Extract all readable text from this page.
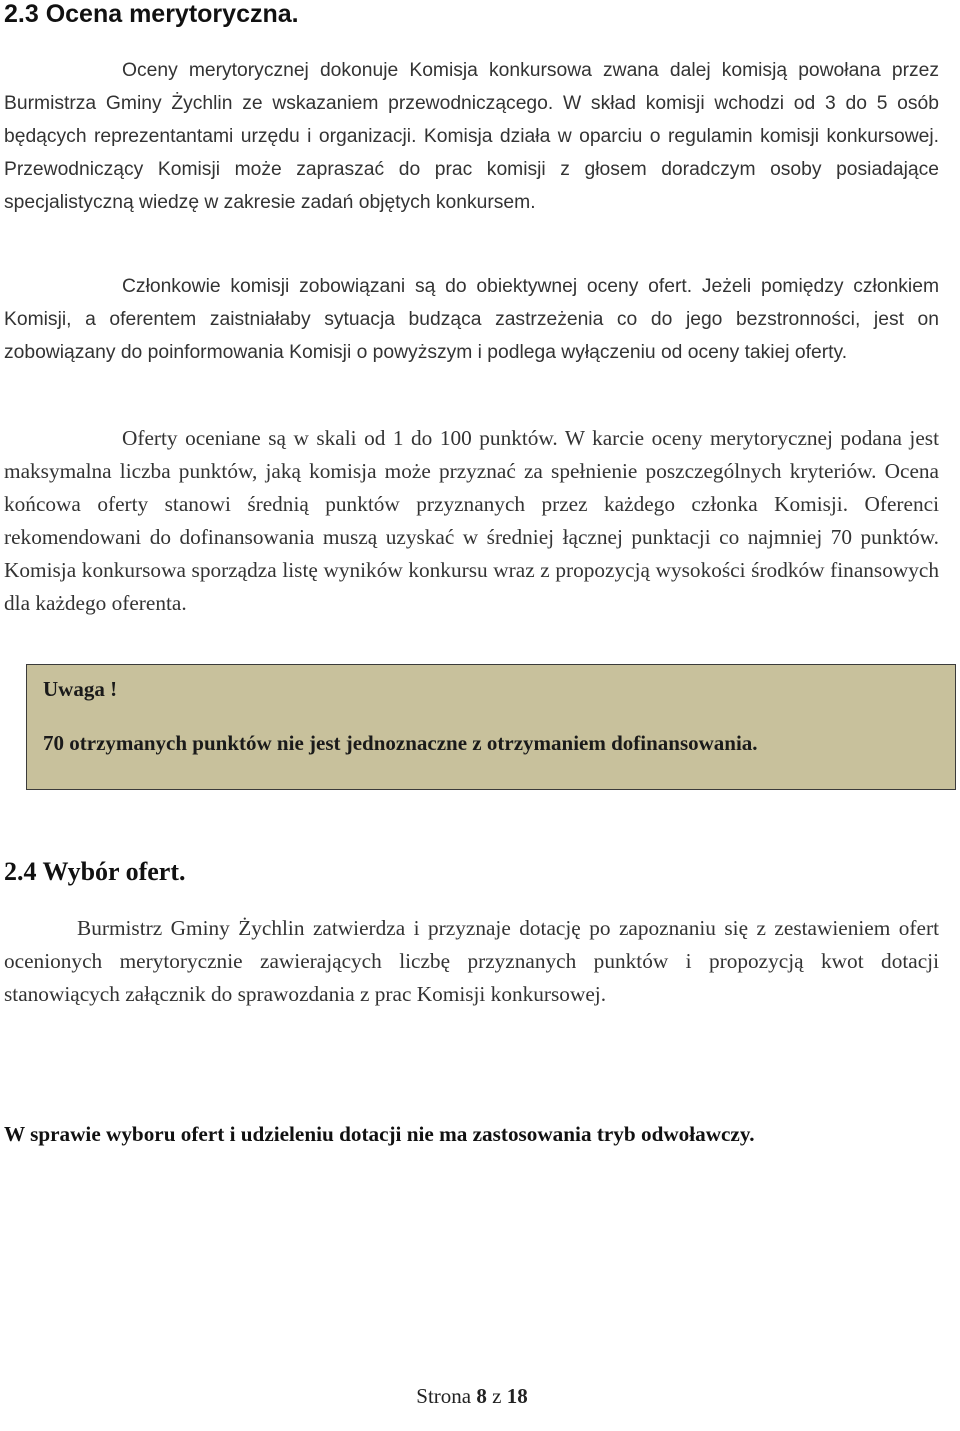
2.3 Ocena merytoryczna.

Oceny merytorycznej dokonuje Komisja konkursowa zwana dalej komisją powołana przez Burmistrza Gminy Żychlin ze wskazaniem przewodniczącego. W skład komisji wchodzi od 3 do 5 osób będących reprezentantami urzędu i organizacji. Komisja działa w oparciu o regulamin komisji konkursowej. Przewodniczący Komisji może zapraszać do prac komisji z głosem doradczym osoby posiadające specjalistyczną wiedzę w zakresie zadań objętych konkursem.

Członkowie komisji zobowiązani są do obiektywnej oceny ofert. Jeżeli pomiędzy członkiem Komisji, a oferentem zaistniałaby sytuacja budząca zastrzeżenia co do jego bezstronności, jest on zobowiązany do poinformowania Komisji o powyższym i podlega wyłączeniu od oceny takiej oferty.

Oferty oceniane są w skali od 1 do 100 punktów. W karcie oceny merytorycznej podana jest maksymalna liczba punktów, jaką komisja może przyznać za spełnienie poszczególnych kryteriów. Ocena końcowa oferty stanowi średnią punktów przyznanych przez każdego członka Komisji. Oferenci rekomendowani do dofinansowania muszą uzyskać w średniej łącznej punktacji co najmniej 70 punktów. Komisja konkursowa sporządza listę wyników konkursu wraz z propozycją wysokości środków finansowych dla każdego oferenta.

Uwaga !

70 otrzymanych punktów nie jest jednoznaczne z otrzymaniem dofinansowania.

2.4 Wybór ofert.

Burmistrz Gminy Żychlin zatwierdza i przyznaje dotację po zapoznaniu się z zestawieniem ofert ocenionych merytorycznie zawierających liczbę przyznanych punktów i propozycją kwot dotacji stanowiących załącznik do sprawozdania z prac Komisji konkursowej.

W sprawie wyboru ofert i udzieleniu dotacji nie ma zastosowania tryb odwoławczy.

Strona 8 z 18
